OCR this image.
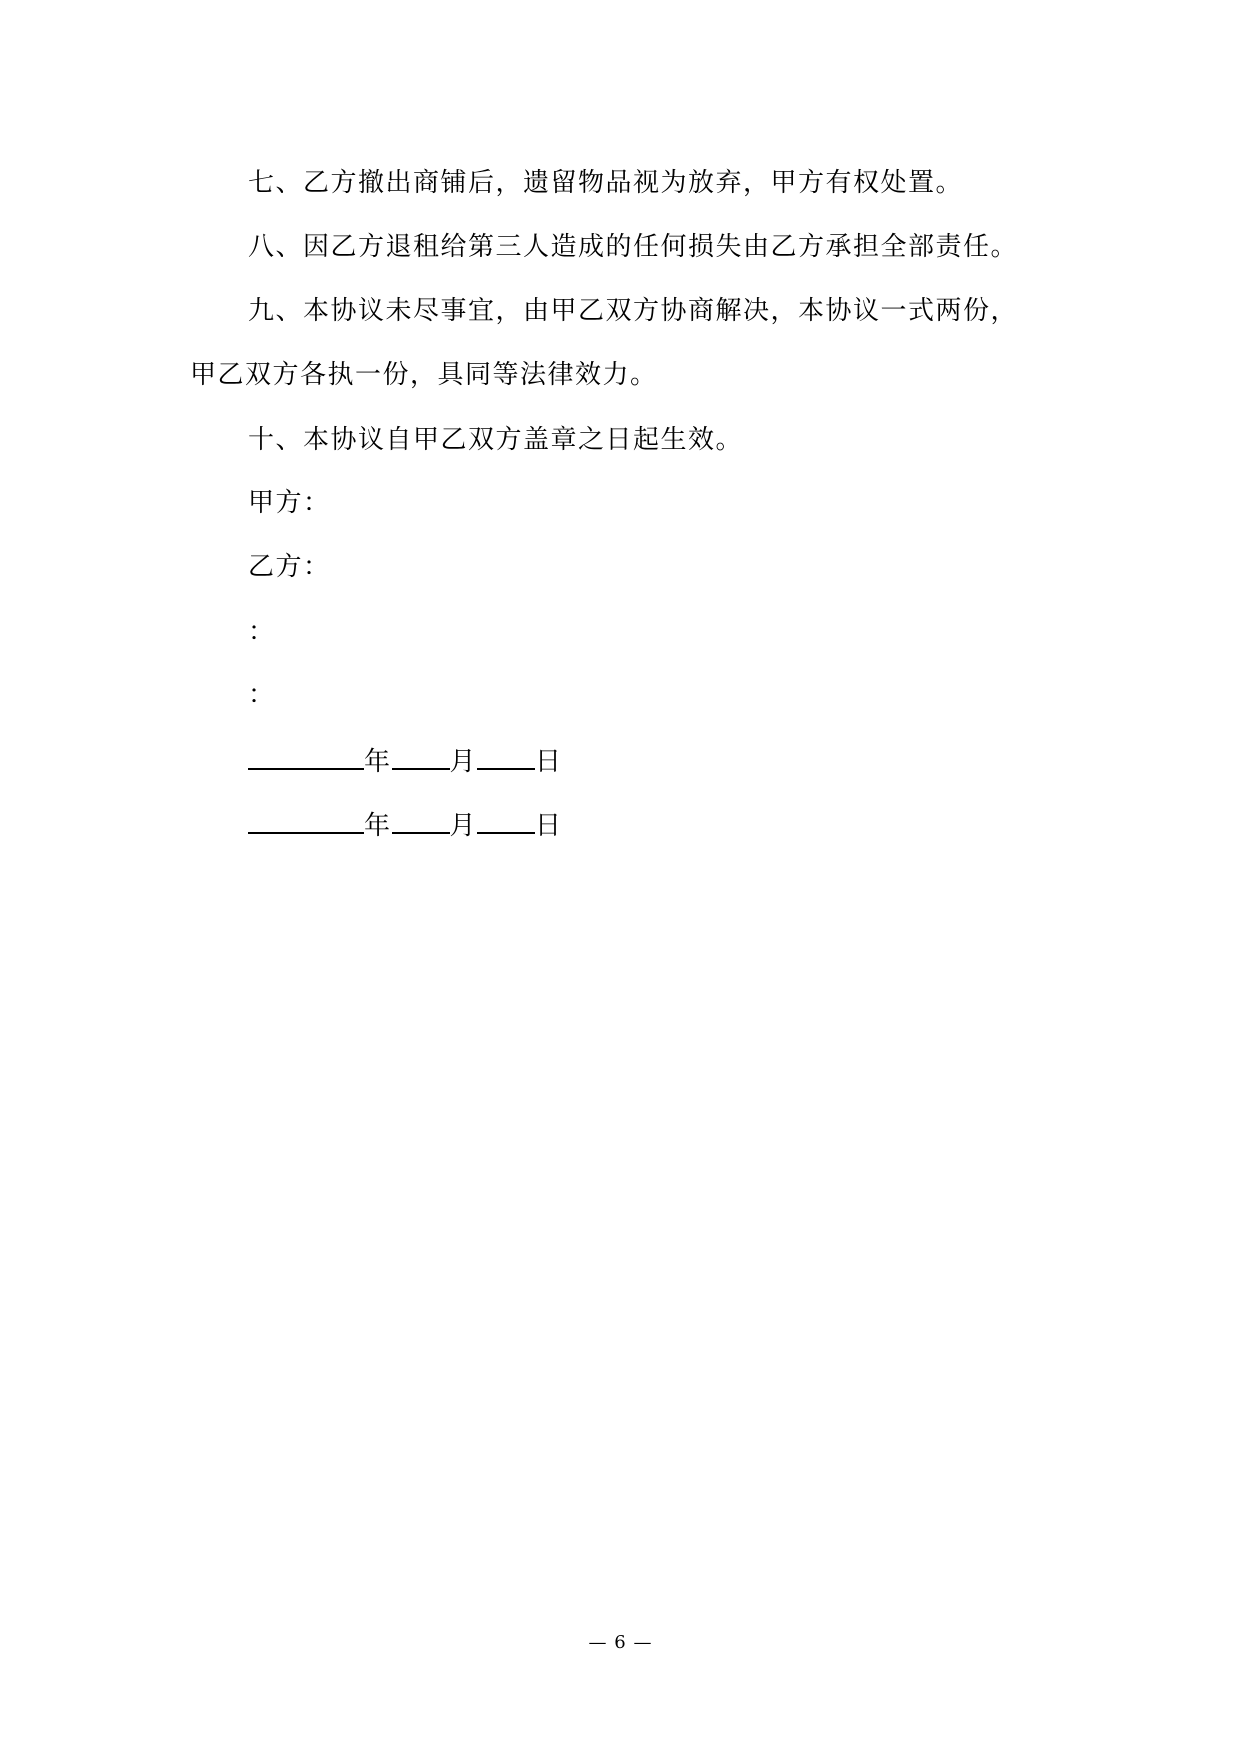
七、乙方撤出商铺后，遗留物品视为放弃，甲方有权处置。
八、因乙方退租给第三人造成的任何损失由乙方承担全部责任。
九、本协议未尽事宜，由甲乙双方协商解决，本协议一式两份，
甲乙双方各执一份，具同等法律效力。
十、本协议自甲乙双方盖章之日起生效。
甲方：
乙方：
：
：
年 月 日
年 月 日
— 6 —
